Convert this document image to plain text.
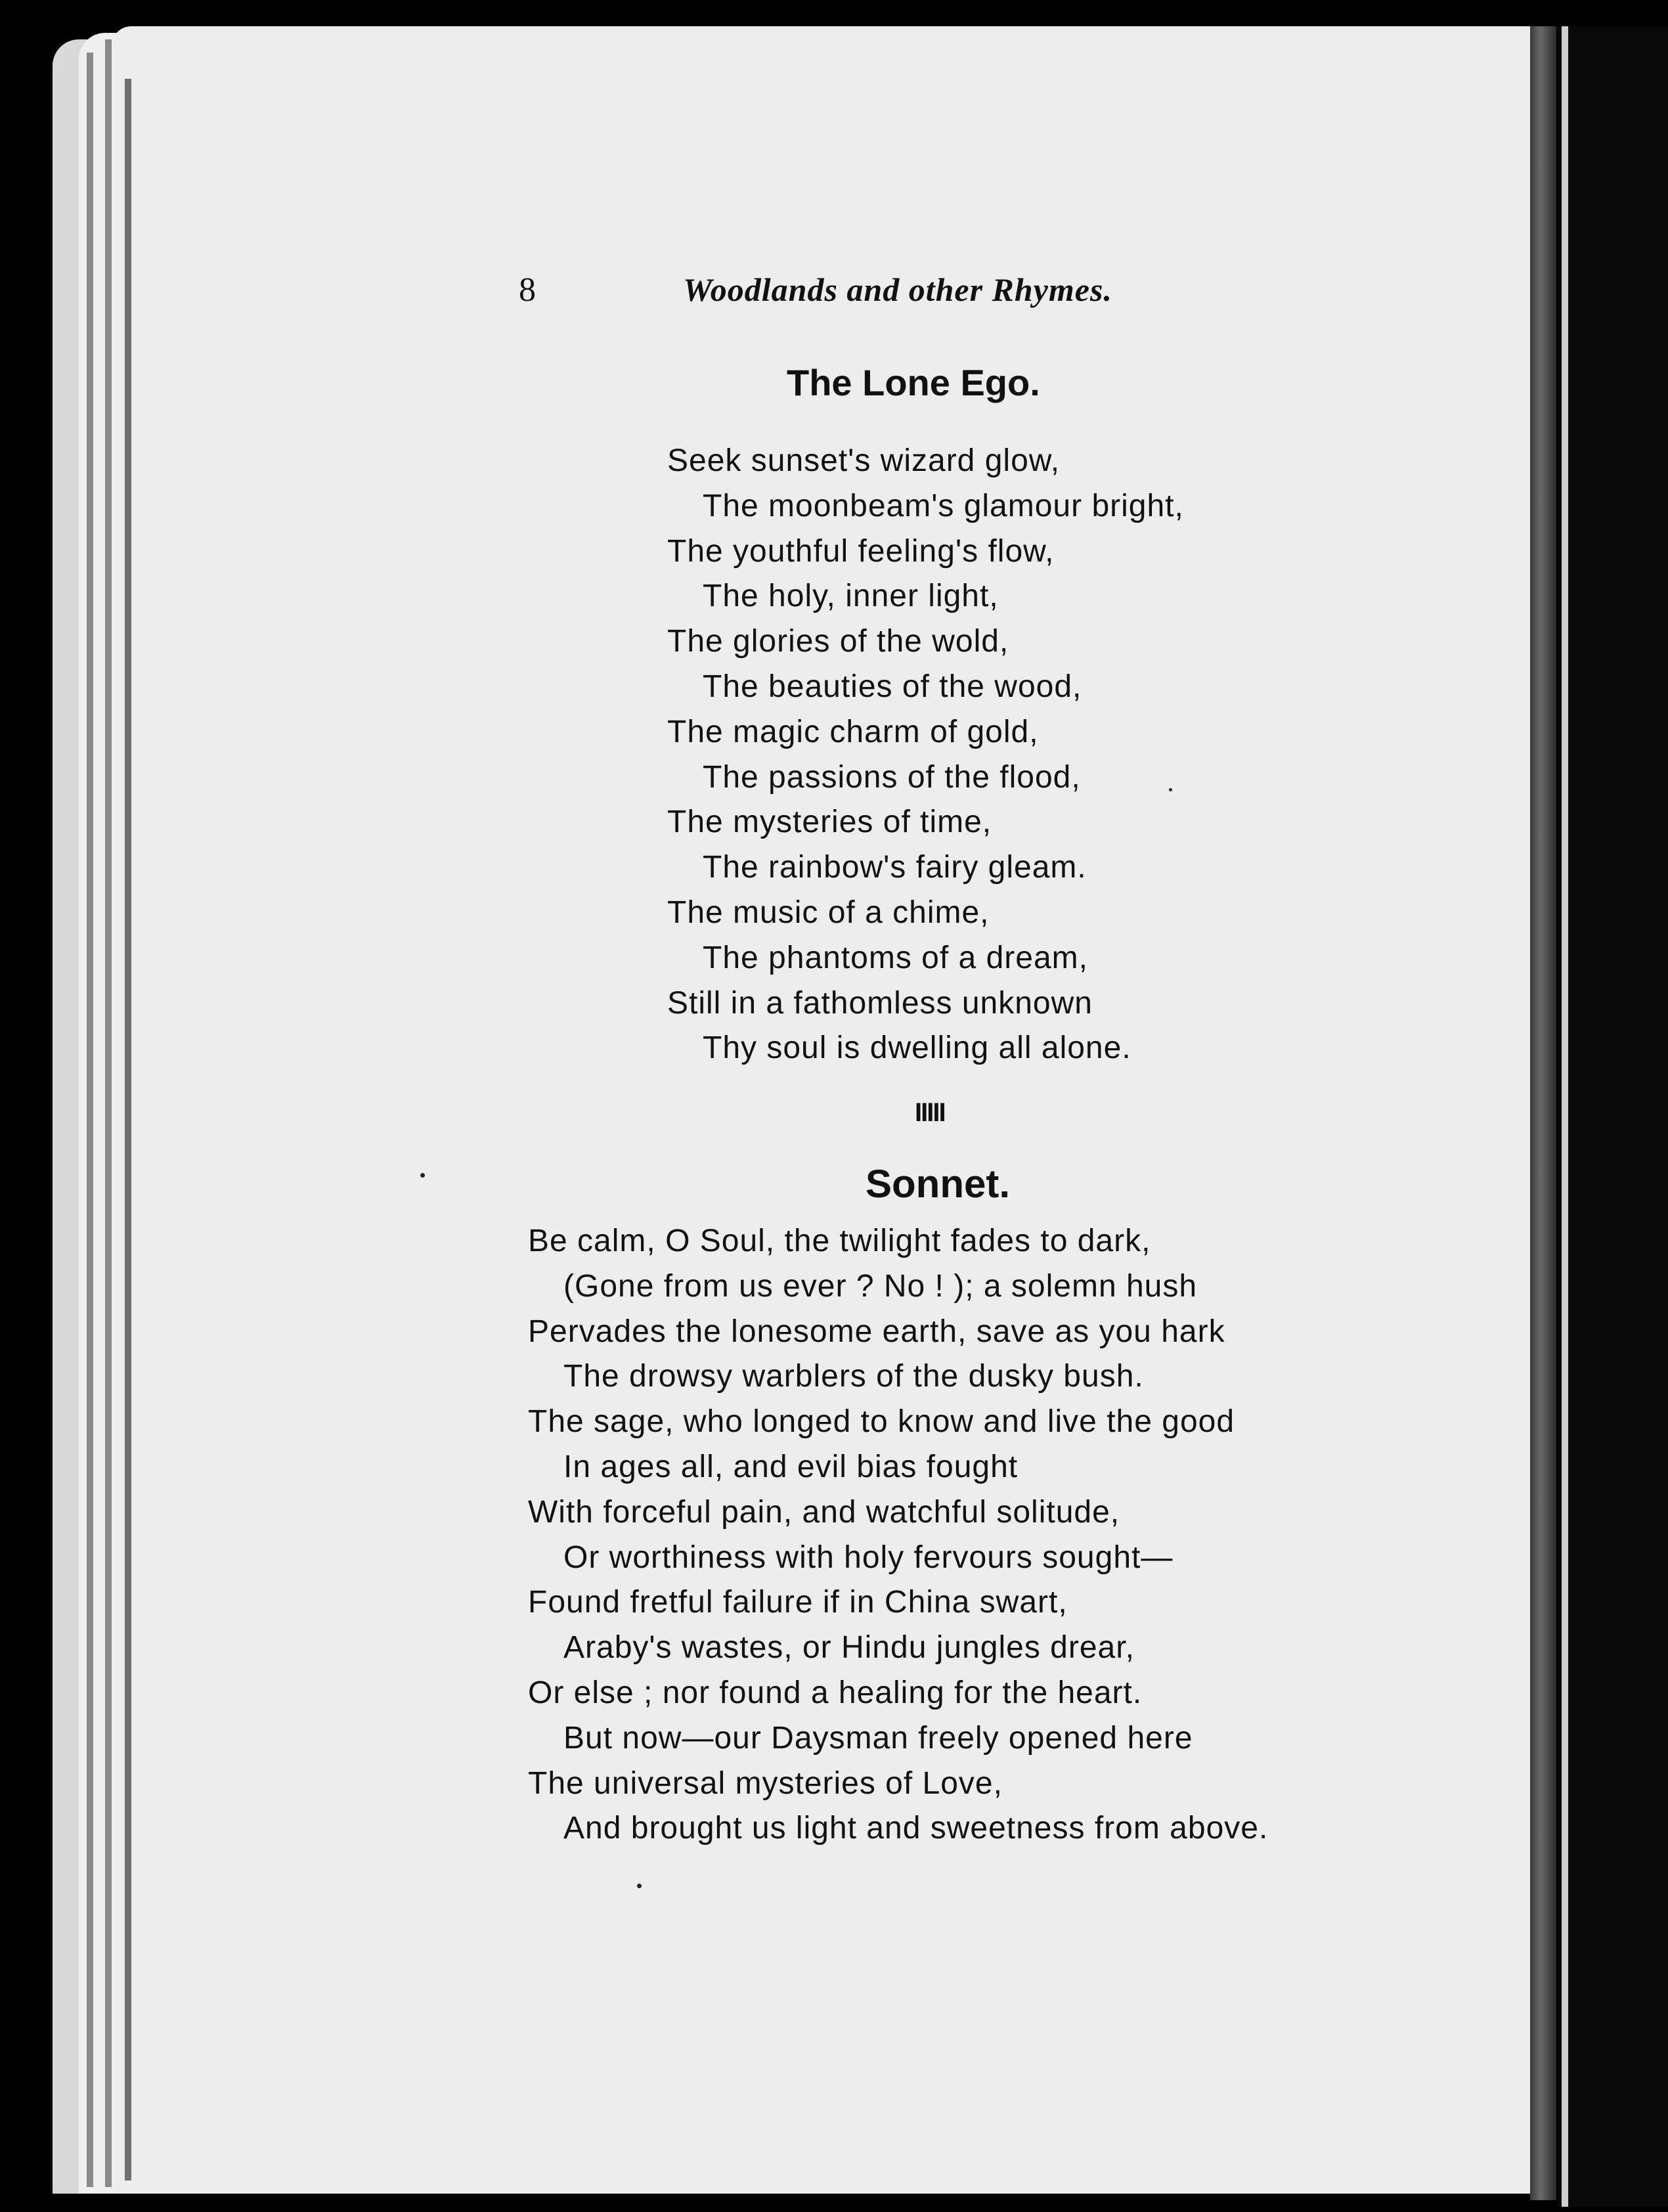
8	Woodlands and other Rhymes.
The Lone Ego.
Seek sunset's wizard glow,
The moonbeam's glamour bright,
The youthful feeling's flow,
The holy, inner light,
The glories of the wold,
The beauties of the wood,
The magic charm of gold,
The passions of the flood,
The mysteries of time,
The rainbow's fairy gleam.
The music of a chime,
The phantoms of a dream,
Still in a fathomless unknown
Thy soul is dwelling all alone.
IIIII
Sonnet.
Be calm, O Soul, the twilight fades to dark,
(Gone from us ever ? No ! ); a solemn hush
Pervades the lonesome earth, save as you hark
The drowsy warblers of the dusky bush.
The sage, who longed to know and live the good
In ages all, and evil bias fought
With forceful pain, and watchful solitude,
Or worthiness with holy fervours sought—
Found fretful failure if in China swart,
Araby's wastes, or Hindu jungles drear,
Or else ; nor found a healing for the heart.
But now—our Daysman freely opened here
The universal mysteries of Love,
And brought us light and sweetness from above.
